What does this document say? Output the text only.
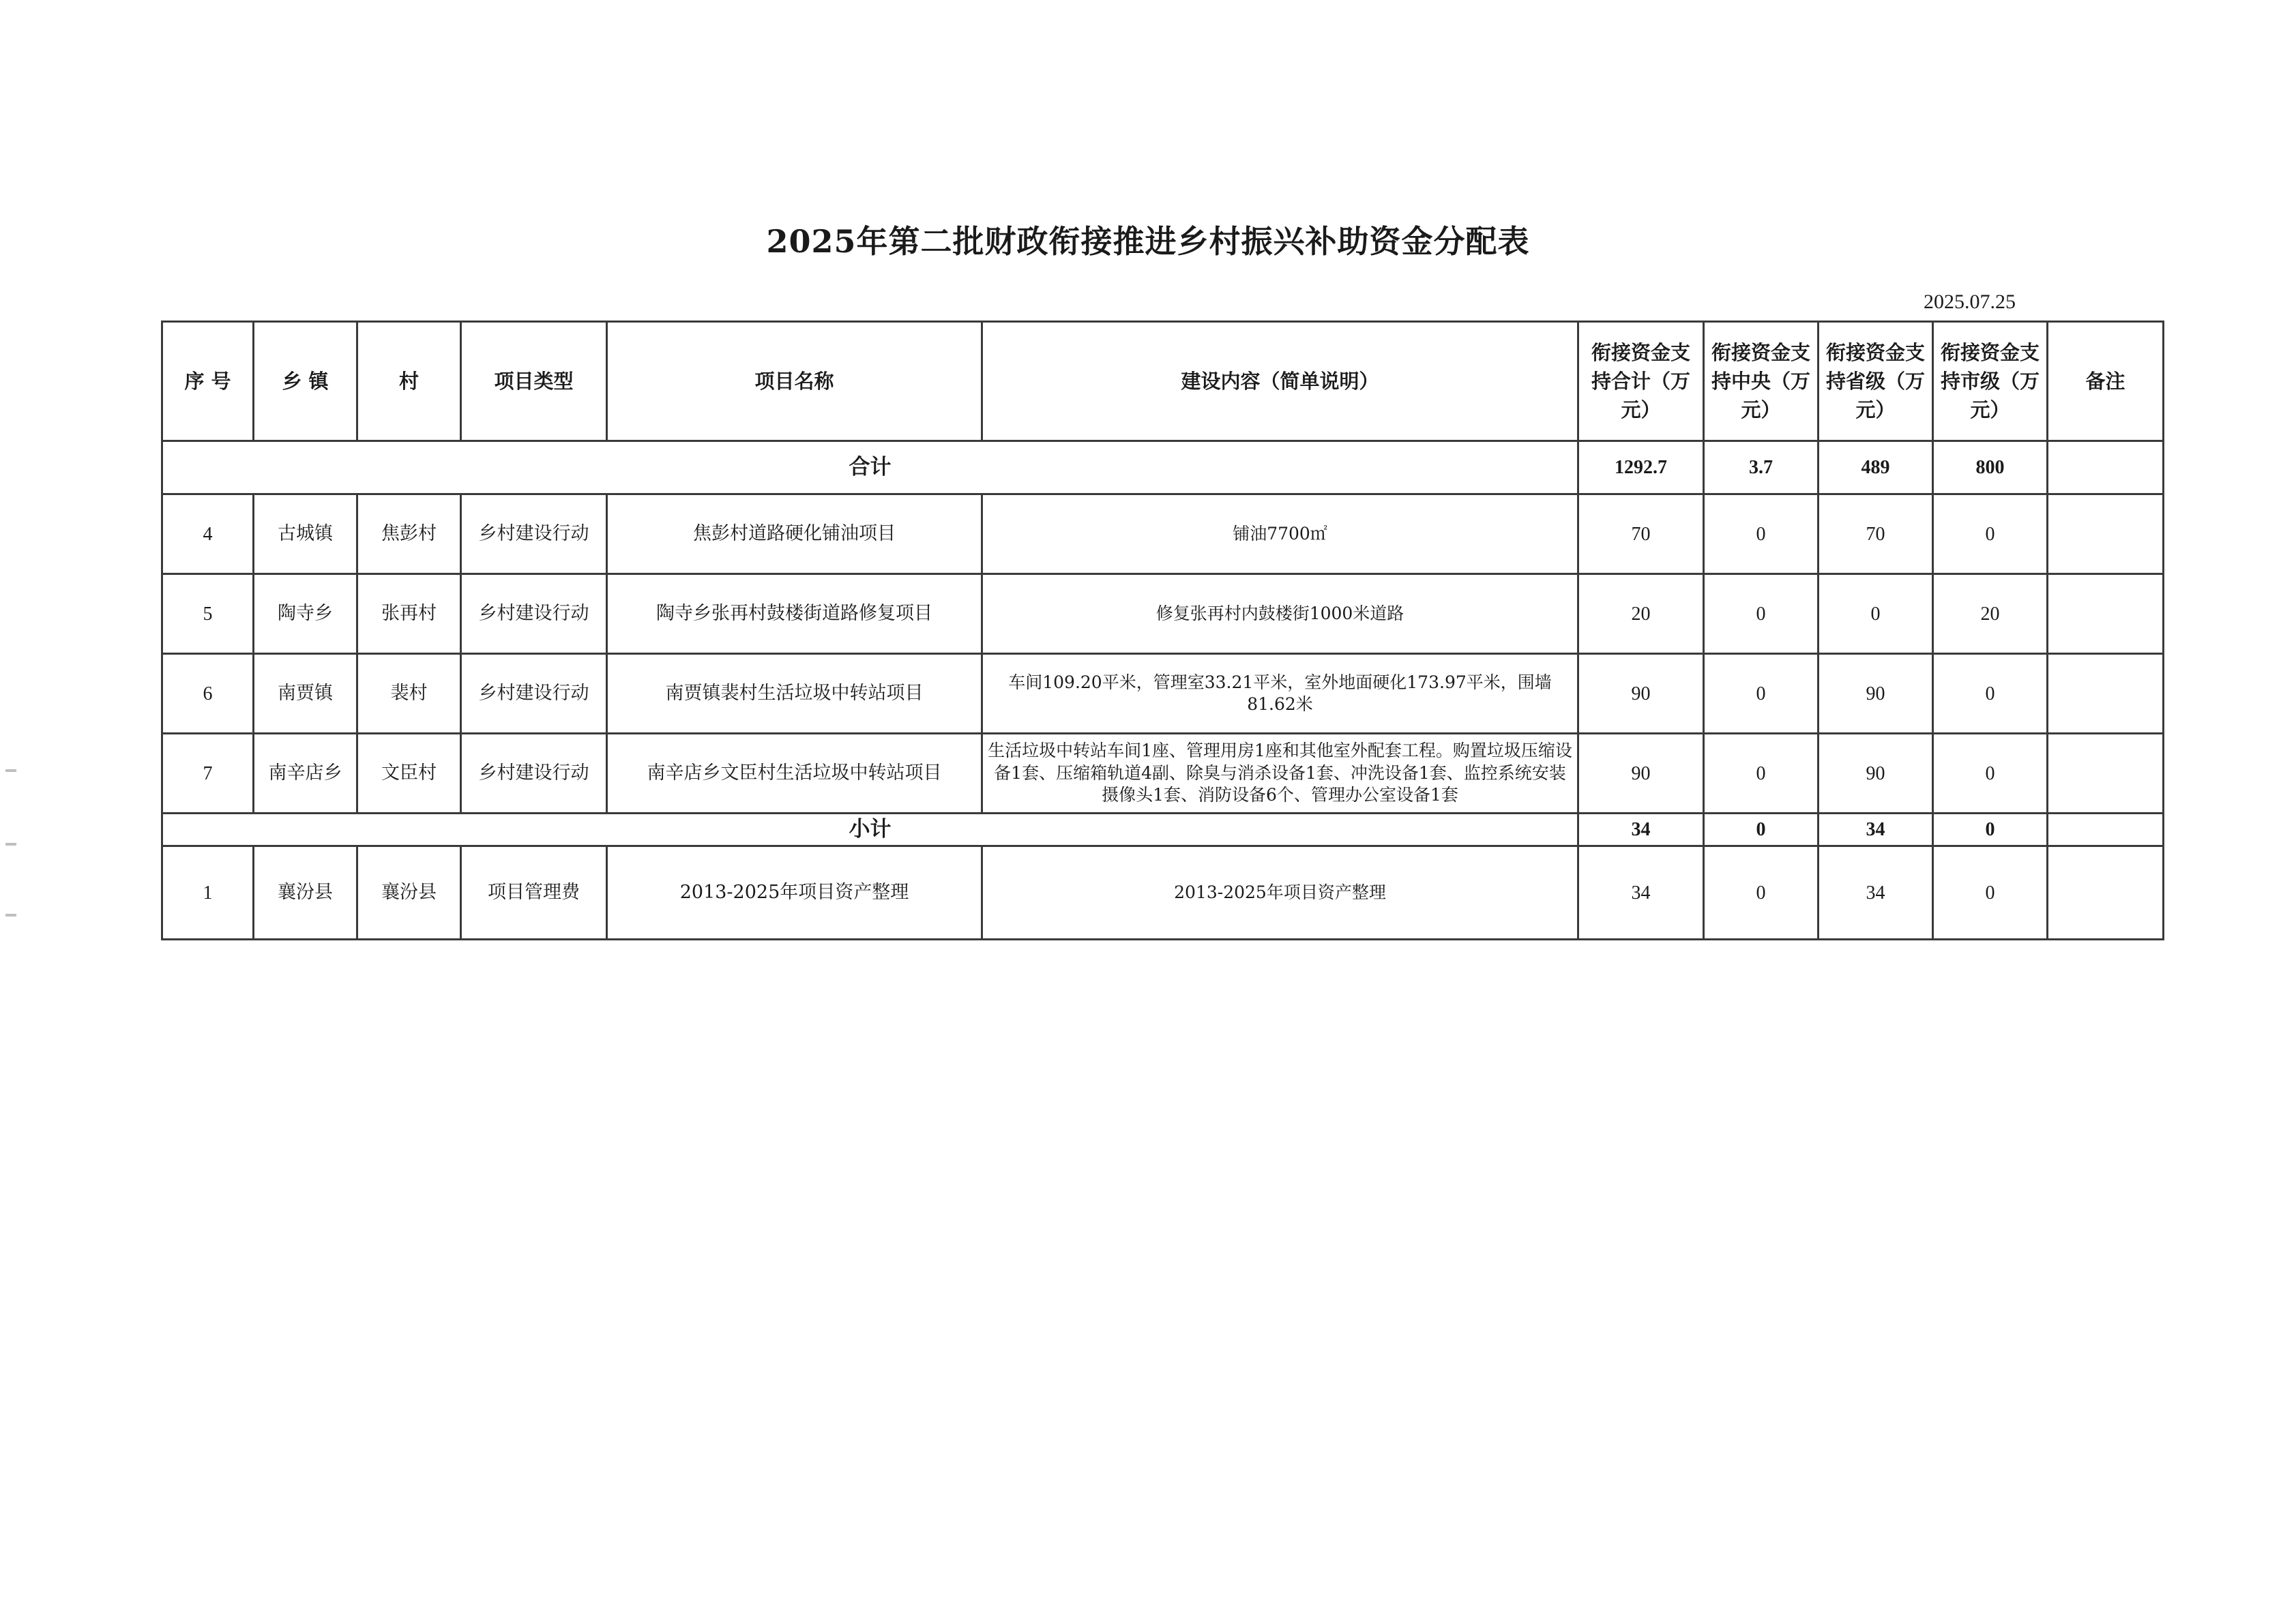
2025年第二批财政衔接推进乡村振兴补助资金分配表
2025.07.25
序 号	乡 镇	村	项目类型	项目名称	建设内容（简单说明）	衔接资金支持合计（万元）	衔接资金支持中央（万元）	衔接资金支持省级（万元）	衔接资金支持市级（万元）	备注
合计						1292.7	3.7	489	800	
4	古城镇	焦彭村	乡村建设行动	焦彭村道路硬化铺油项目	铺油7700㎡	70	0	70	0	
5	陶寺乡	张再村	乡村建设行动	陶寺乡张再村鼓楼街道路修复项目	修复张再村内鼓楼街1000米道路	20	0	0	20	
6	南贾镇	裴村	乡村建设行动	南贾镇裴村生活垃圾中转站项目	车间109.20平米，管理室33.21平米，室外地面硬化173.97平米，围墙81.62米	90	0	90	0	
7	南辛店乡	文臣村	乡村建设行动	南辛店乡文臣村生活垃圾中转站项目	生活垃圾中转站车间1座、管理用房1座和其他室外配套工程。购置垃圾压缩设备1套、压缩箱轨道4副、除臭与消杀设备1套、冲洗设备1套、监控系统安装摄像头1套、消防设备6个、管理办公室设备1套	90	0	90	0	
小计						34	0	34	0	
1	襄汾县	襄汾县	项目管理费	2013-2025年项目资产整理	2013-2025年项目资产整理	34	0	34	0	
